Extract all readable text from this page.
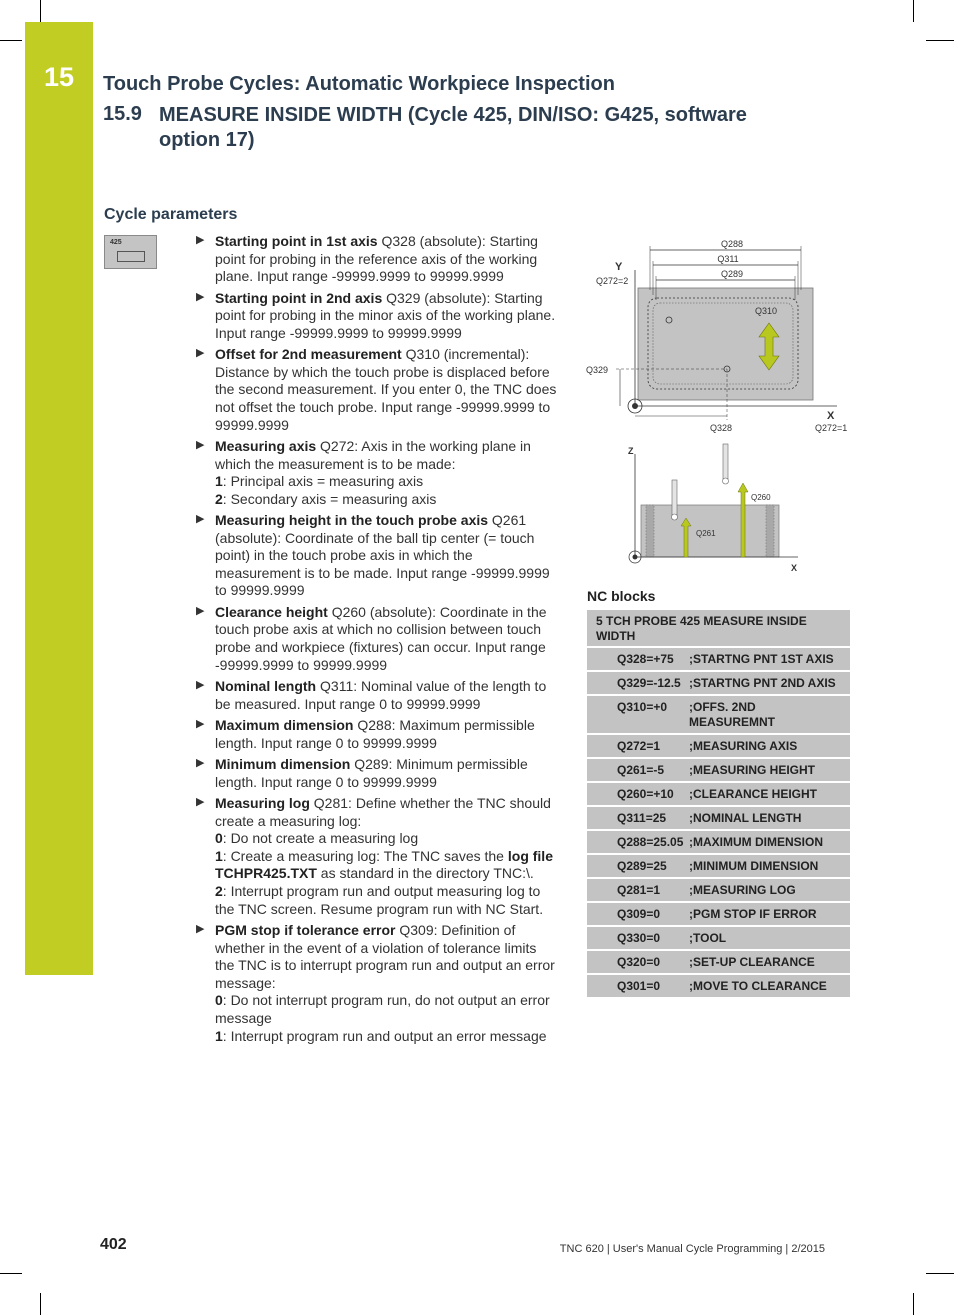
15	Touch Probe Cycles: Automatic Workpiece Inspection
15.9 MEASURE INSIDE WIDTH (Cycle 425, DIN/ISO: G425, software option 17)
Cycle parameters
425	▶ Starting point in 1st axis Q328 (absolute): Starting point for probing in the reference axis of the working plane. Input range -99999.9999 to 99999.9999
▶ Starting point in 2nd axis Q329 (absolute): Starting point for probing in the minor axis of the working plane. Input range -99999.9999 to 99999.9999
▶ Offset for 2nd measurement Q310 (incremental): Distance by which the touch probe is displaced before the second measurement. If you enter 0, the TNC does not offset the touch probe. Input range -99999.9999 to 99999.9999
▶ Measuring axis Q272: Axis in the working plane in which the measurement is to be made:
1: Principal axis = measuring axis
2: Secondary axis = measuring axis
▶ Measuring height in the touch probe axis Q261 (absolute): Coordinate of the ball tip center (= touch point) in the touch probe axis in which the measurement is to be made. Input range -99999.9999 to 99999.9999
▶ Clearance height Q260 (absolute): Coordinate in the touch probe axis at which no collision between touch probe and workpiece (fixtures) can occur. Input range -99999.9999 to 99999.9999
▶ Nominal length Q311: Nominal value of the length to be measured. Input range 0 to 99999.9999
▶ Maximum dimension Q288: Maximum permissible length. Input range 0 to 99999.9999
▶ Minimum dimension Q289: Minimum permissible length. Input range 0 to 99999.9999
▶ Measuring log Q281: Define whether the TNC should create a measuring log:
0: Do not create a measuring log
1: Create a measuring log: The TNC saves the log file TCHPR425.TXT as standard in the directory TNC:\.
2: Interrupt program run and output measuring log to the TNC screen. Resume program run with NC Start.
▶ PGM stop if tolerance error Q309: Definition of whether in the event of a violation of tolerance limits the TNC is to interrupt program run and output an error message:
0: Do not interrupt program run, do not output an error message
1: Interrupt program run and output an error message
Q288
Q311
Q289
Y
Q272=2
X
Q272=1
Q329
Q328
Q310
Z
X
Q260
Q261
NC blocks
5 TCH PROBE 425 MEASURE INSIDE WIDTH
Q328=+75	;STARTNG PNT 1ST AXIS
Q329=-12.5 ;STARTNG PNT 2ND AXIS
Q310=+0	;OFFS. 2ND MEASUREMNT
Q272=1	;MEASURING AXIS
Q261=-5	;MEASURING HEIGHT
Q260=+10	;CLEARANCE HEIGHT
Q311=25	;NOMINAL LENGTH
Q288=25.05 ;MAXIMUM DIMENSION
Q289=25	;MINIMUM DIMENSION
Q281=1	;MEASURING LOG
Q309=0	;PGM STOP IF ERROR
Q330=0	;TOOL
Q320=0	;SET-UP CLEARANCE
Q301=0	;MOVE TO CLEARANCE
402	TNC 620 | User's Manual Cycle Programming | 2/2015
